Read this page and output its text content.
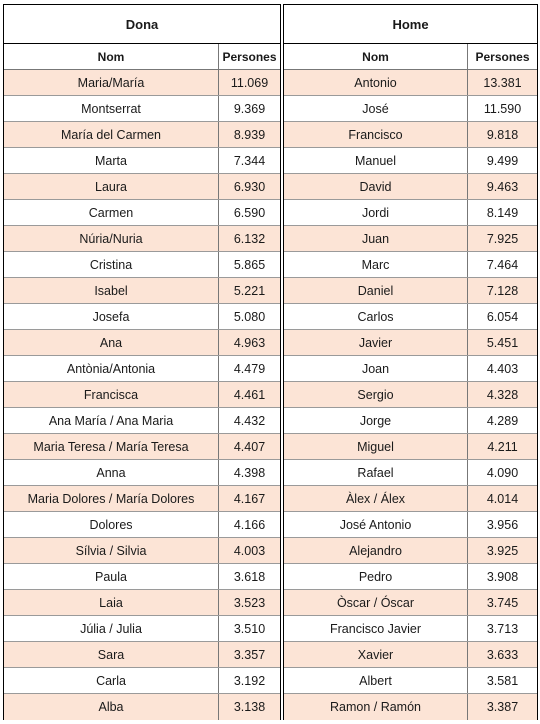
Dona
Nom	Persones
Maria/María	11.069
Montserrat	9.369
María del Carmen	8.939
Marta	7.344
Laura	6.930
Carmen	6.590
Núria/Nuria	6.132
Cristina	5.865
Isabel	5.221
Josefa	5.080
Ana	4.963
Antònia/Antonia	4.479
Francisca	4.461
Ana María / Ana Maria	4.432
Maria Teresa / María Teresa	4.407
Anna	4.398
Maria Dolores / María Dolores	4.167
Dolores	4.166
Sílvia / Silvia	4.003
Paula	3.618
Laia	3.523
Júlia / Julia	3.510
Sara	3.357
Carla	3.192
Alba	3.138
Home
Nom	Persones
Antonio	13.381
José	11.590
Francisco	9.818
Manuel	9.499
David	9.463
Jordi	8.149
Juan	7.925
Marc	7.464
Daniel	7.128
Carlos	6.054
Javier	5.451
Joan	4.403
Sergio	4.328
Jorge	4.289
Miguel	4.211
Rafael	4.090
Àlex / Álex	4.014
José Antonio	3.956
Alejandro	3.925
Pedro	3.908
Òscar / Óscar	3.745
Francisco Javier	3.713
Xavier	3.633
Albert	3.581
Ramon / Ramón	3.387
